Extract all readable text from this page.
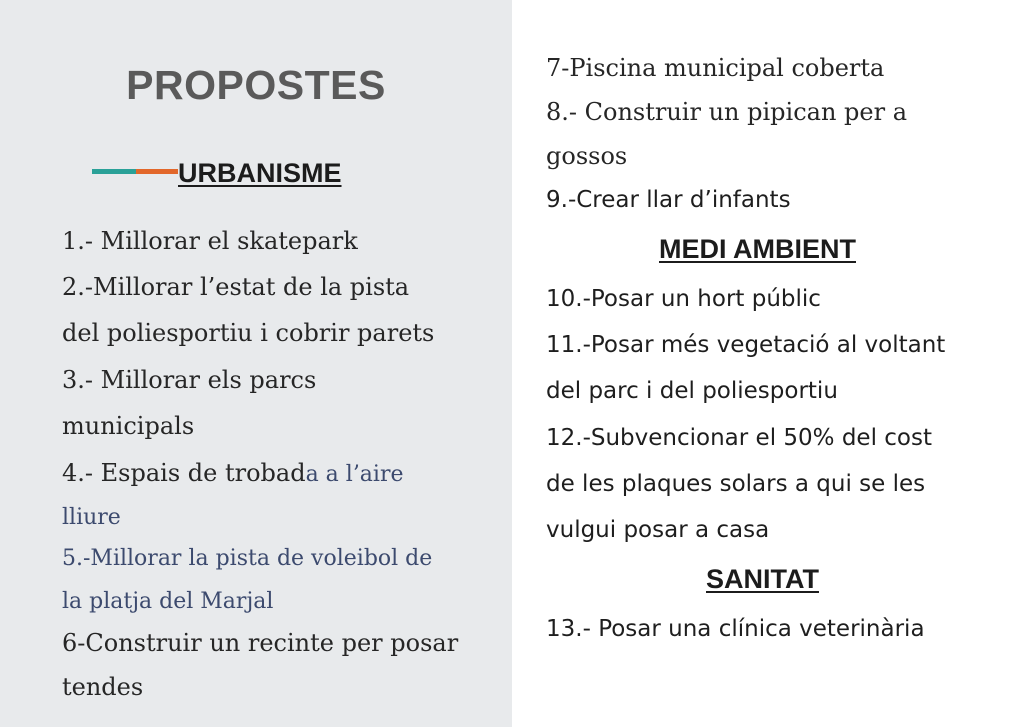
PROPOSTES
URBANISME

1.- Millorar el skatepark

2.-Millorar l’estat de la pista

del poliesportiu i cobrir parets

3.- Millorar els parcs

municipals

4.- Espais de trobada a l’aire

lliure

5.-Millorar la pista de voleibol de

la platja del Marjal

6-Construir un recinte per posar

tendes

7-Piscina municipal coberta

8.- Construir un pipican per a

gossos

9.-Crear llar d’infants

MEDI AMBIENT

10.-Posar un hort públic

11.-Posar més vegetació al voltant

del parc i del poliesportiu

12.-Subvencionar el 50% del cost

de les plaques solars a qui se les

vulgui posar a casa

SANITAT

13.- Posar una clínica veterinària
